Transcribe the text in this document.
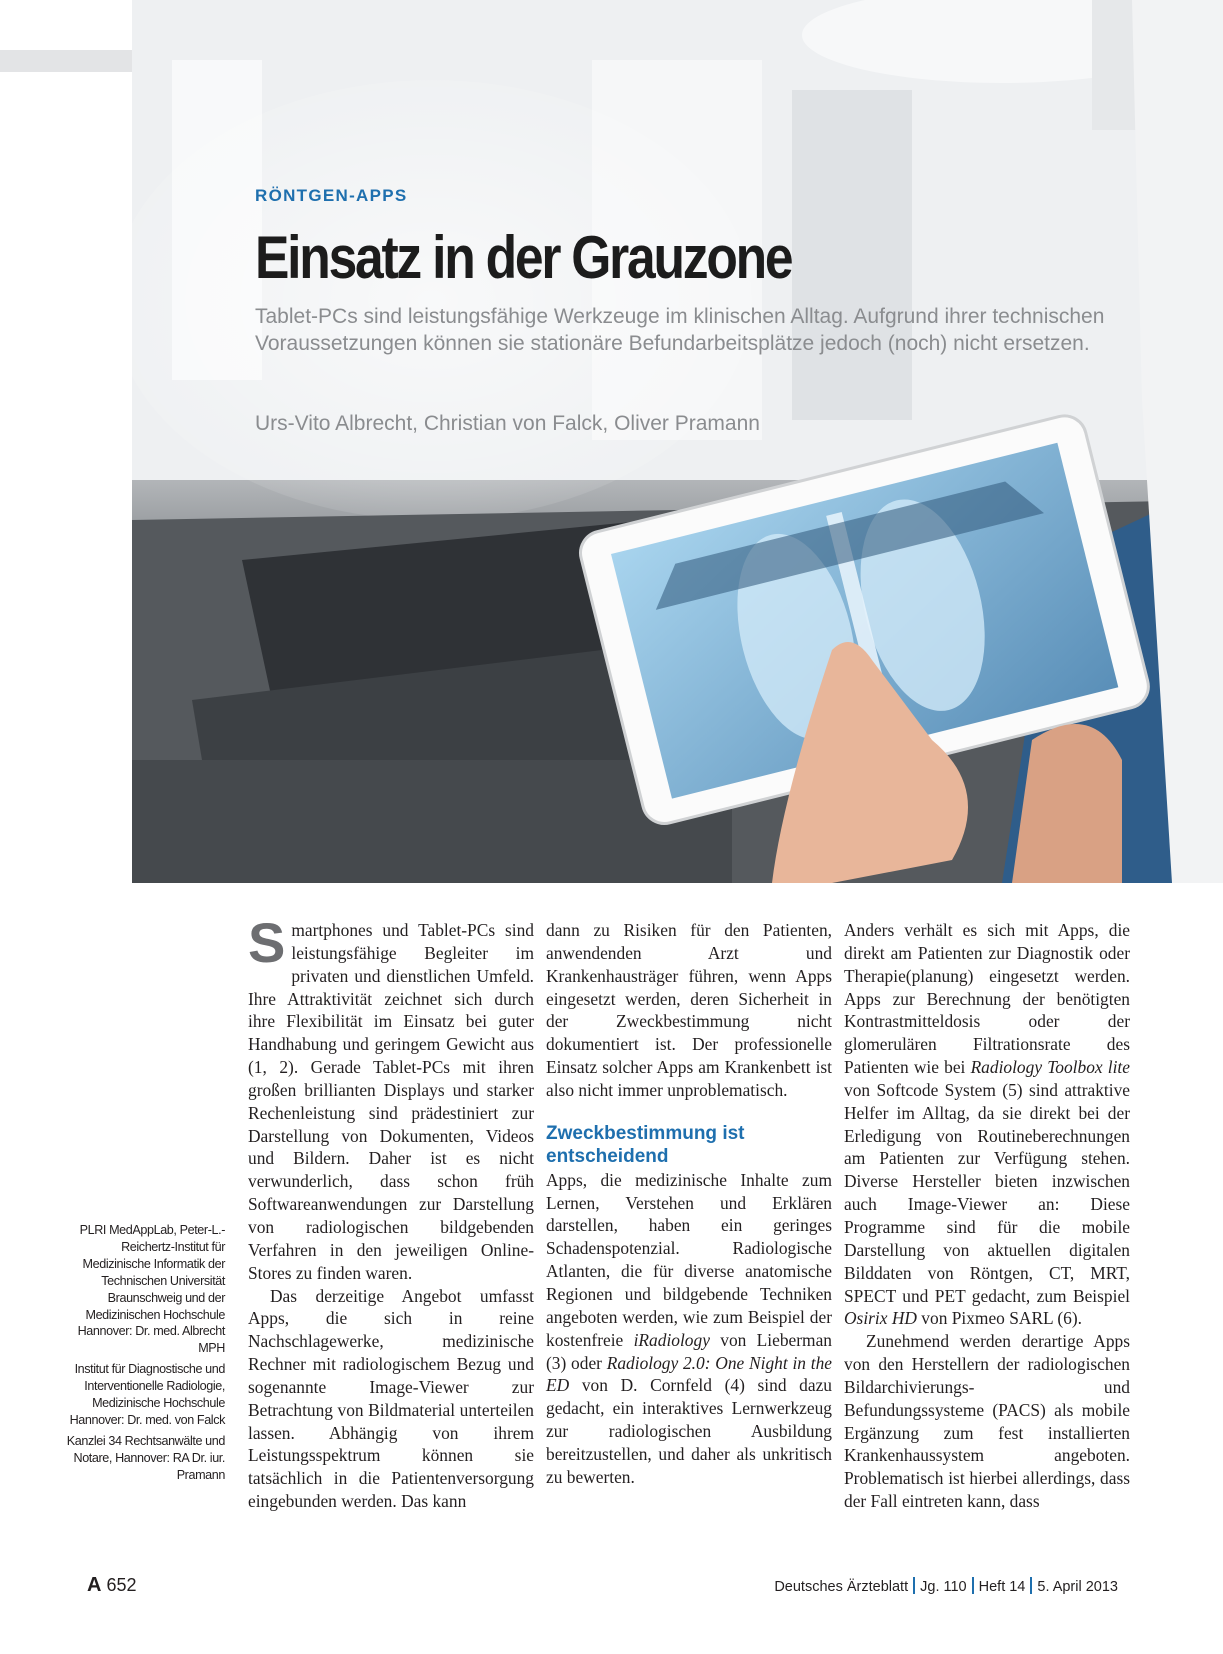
RÖNTGEN-APPS
Einsatz in der Grauzone
Tablet-PCs sind leistungsfähige Werkzeuge im klinischen Alltag. Aufgrund ihrer technischen Voraussetzungen können sie stationäre Befundarbeitsplätze jedoch (noch) nicht ersetzen.
Urs-Vito Albrecht, Christian von Falck, Oliver Pramann

PLRI MedAppLab, Peter-L.-Reichertz-Institut für Medizinische Informatik der Technischen Universität Braunschweig und der Medizinischen Hochschule Hannover: Dr. med. Albrecht MPH

Institut für Diagnostische und Interventionelle Radiologie, Medizinische Hochschule Hannover: Dr. med. von Falck

Kanzlei 34 Rechtsanwälte und Notare, Hannover: RA Dr. iur. Pramann

Smartphones und Tablet-PCs sind leistungsfähige Begleiter im privaten und dienstlichen Umfeld. Ihre Attraktivität zeichnet sich durch ihre Flexibilität im Einsatz bei guter Handhabung und geringem Gewicht aus (1, 2). Gerade Tablet-PCs mit ihren großen brillianten Displays und starker Rechenleistung sind prädestiniert zur Darstellung von Dokumenten, Videos und Bildern. Daher ist es nicht verwunderlich, dass schon früh Softwareanwendungen zur Darstellung von radiologischen bildgebenden Verfahren in den jeweiligen Online-Stores zu finden waren.

Das derzeitige Angebot umfasst Apps, die sich in reine Nachschlagewerke, medizinische Rechner mit radiologischem Bezug und sogenannte Image-Viewer zur Betrachtung von Bildmaterial unterteilen lassen. Abhängig von ihrem Leistungsspektrum können sie tatsächlich in die Patientenversorgung eingebunden werden. Das kann

dann zu Risiken für den Patienten, anwendenden Arzt und Krankenhausträger führen, wenn Apps eingesetzt werden, deren Sicherheit in der Zweckbestimmung nicht dokumentiert ist. Der professionelle Einsatz solcher Apps am Krankenbett ist also nicht immer unproblematisch.

Zweckbestimmung ist entscheidend

Apps, die medizinische Inhalte zum Lernen, Verstehen und Erklären darstellen, haben ein geringes Schadenspotenzial. Radiologische Atlanten, die für diverse anatomische Regionen und bildgebende Techniken angeboten werden, wie zum Beispiel der kostenfreie iRadiology von Lieberman (3) oder Radiology 2.0: One Night in the ED von D. Cornfeld (4) sind dazu gedacht, ein interaktives Lernwerkzeug zur radiologischen Ausbildung bereitzustellen, und daher als unkritisch zu bewerten.

Anders verhält es sich mit Apps, die direkt am Patienten zur Diagnostik oder Therapie(planung) eingesetzt werden. Apps zur Berechnung der benötigten Kontrastmitteldosis oder der glomerulären Filtrationsrate des Patienten wie bei Radiology Toolbox lite von Softcode System (5) sind attraktive Helfer im Alltag, da sie direkt bei der Erledigung von Routineberechnungen am Patienten zur Verfügung stehen. Diverse Hersteller bieten inzwischen auch Image-Viewer an: Diese Programme sind für die mobile Darstellung von aktuellen digitalen Bilddaten von Röntgen, CT, MRT, SPECT und PET gedacht, zum Beispiel Osirix HD von Pixmeo SARL (6).

Zunehmend werden derartige Apps von den Herstellern der radiologischen Bildarchivierungs- und Befundungssysteme (PACS) als mobile Ergänzung zum fest installierten Krankenhaussystem angeboten. Problematisch ist hierbei allerdings, dass der Fall eintreten kann, dass

A 652	Deutsches Ärzteblatt Jg. 110 Heft 14 5. April 2013
